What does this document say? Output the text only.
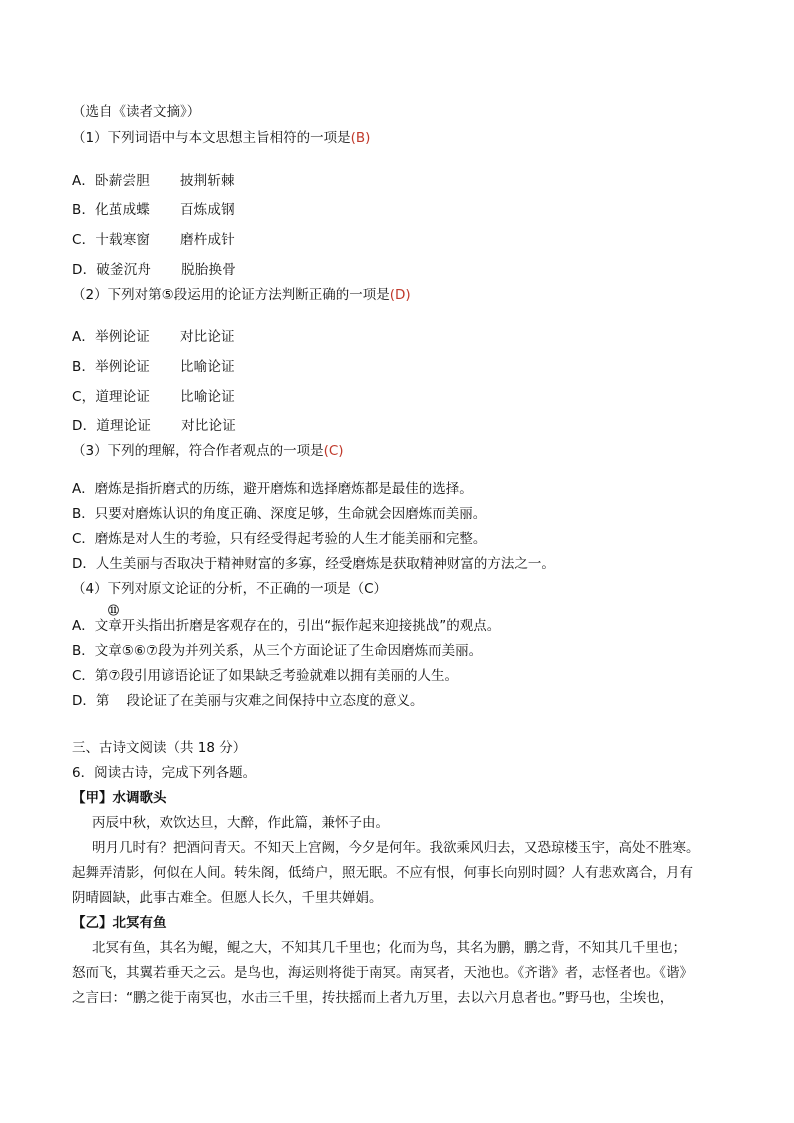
（选自《读者文摘》）
（1）下列词语中与本文思想主旨相符的一项是(B)
A．卧薪尝胆 披荆斩棘
B．化茧成蝶 百炼成钢
C．十载寒窗 磨杵成针
D．破釜沉舟 脱胎换骨
（2）下列对第⑤段运用的论证方法判断正确的一项是(D)
A．举例论证 对比论证
B．举例论证 比喻论证
C，道理论证 比喻论证
D．道理论证 对比论证
（3）下列的理解，符合作者观点的一项是(C)
A．磨炼是指折磨式的历练，避开磨炼和选择磨炼都是最佳的选择。
B．只要对磨炼认识的角度正确、深度足够，生命就会因磨炼而美丽。
C．磨炼是对人生的考验，只有经受得起考验的人生才能美丽和完整。
D．人生美丽与否取决于精神财富的多寡，经受磨炼是获取精神财富的方法之一。
（4）下列对原文论证的分析，不正确的一项是（C）
⑪
A．文章开头指出折磨是客观存在的，引出“振作起来迎接挑战”的观点。
B．文章⑤⑥⑦段为并列关系，从三个方面论证了生命因磨炼而美丽。
C．第⑦段引用谚语论证了如果缺乏考验就难以拥有美丽的人生。
D．第    段论证了在美丽与灾难之间保持中立态度的意义。
三、古诗文阅读（共 18 分）
6．阅读古诗，完成下列各题。
【甲】水调歌头
丙辰中秋，欢饮达旦，大醉，作此篇，兼怀子由。
明月几时有？把酒问青天。不知天上宫阙，今夕是何年。我欲乘风归去，又恐琼楼玉宇，高处不胜寒。
起舞弄清影，何似在人间。转朱阁，低绮户，照无眠。不应有恨，何事长向别时圆？人有悲欢离合，月有
阴晴圆缺，此事古难全。但愿人长久，千里共婵娟。
【乙】北冥有鱼
北冥有鱼，其名为鲲，鲲之大，不知其几千里也；化而为鸟，其名为鹏，鹏之背，不知其几千里也；
怒而飞，其翼若垂天之云。是鸟也，海运则将徙于南冥。南冥者，天池也。《齐谐》者，志怪者也。《谐》
之言曰：“鹏之徙于南冥也，水击三千里，抟扶摇而上者九万里，去以六月息者也。”野马也，尘埃也，
